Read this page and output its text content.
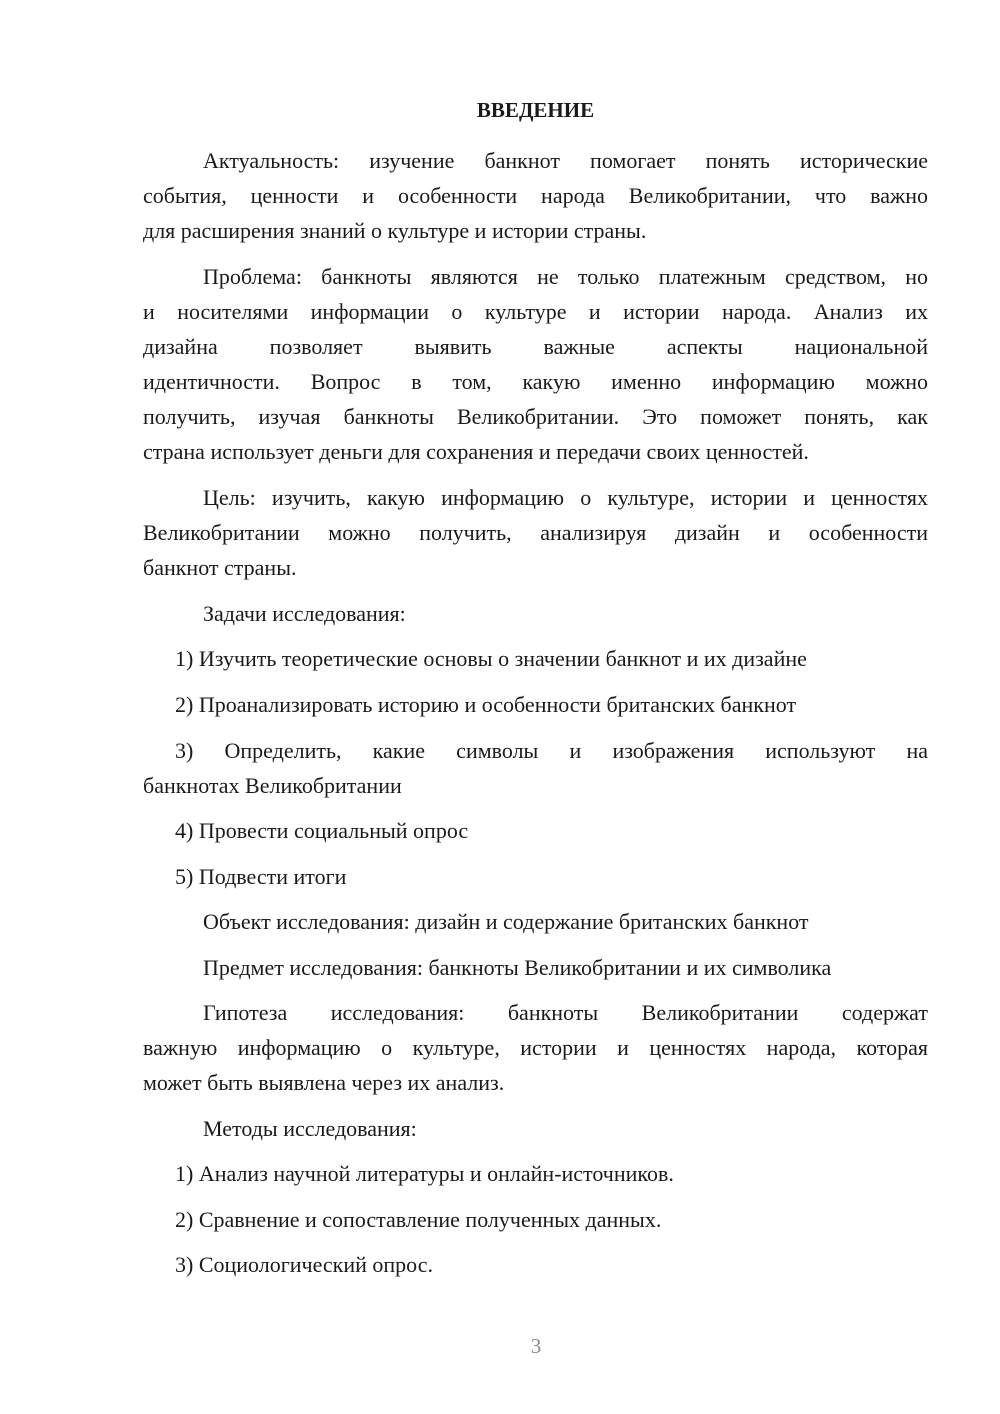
ВВЕДЕНИЕ
Актуальность: изучение банкнот помогает понять исторические
события, ценности и особенности народа Великобритании, что важно
для расширения знаний о культуре и истории страны.
Проблема: банкноты являются не только платежным средством, но
и носителями информации о культуре и истории народа. Анализ их
дизайна позволяет выявить важные аспекты национальной
идентичности. Вопрос в том, какую именно информацию можно
получить, изучая банкноты Великобритании. Это поможет понять, как
страна использует деньги для сохранения и передачи своих ценностей.
Цель: изучить, какую информацию о культуре, истории и ценностях
Великобритании можно получить, анализируя дизайн и особенности
банкнот страны.
Задачи исследования:
1) Изучить теоретические основы о значении банкнот и их дизайне
2) Проанализировать историю и особенности британских банкнот
3) Определить, какие символы и изображения используют на
банкнотах Великобритании
4) Провести социальный опрос
5) Подвести итоги
Объект исследования: дизайн и содержание британских банкнот
Предмет исследования: банкноты Великобритании и их символика
Гипотеза исследования: банкноты Великобритании содержат
важную информацию о культуре, истории и ценностях народа, которая
может быть выявлена через их анализ.
Методы исследования:
1) Анализ научной литературы и онлайн-источников.
2) Сравнение и сопоставление полученных данных.
3) Социологический опрос.
3
